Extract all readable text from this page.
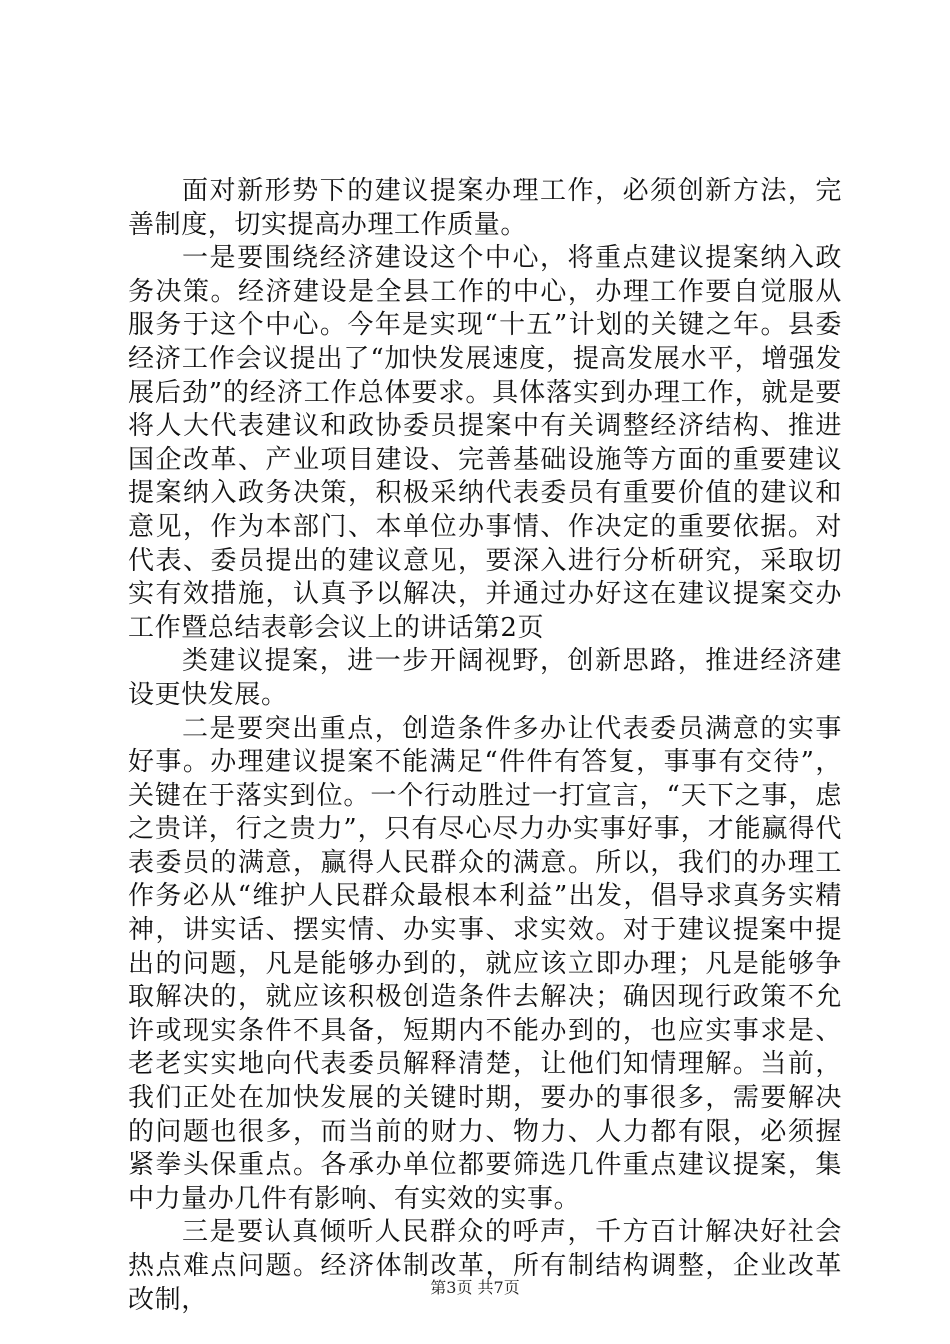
面对新形势下的建议提案办理工作，必须创新方法，完善制度，切实提高办理工作质量。

一是要围绕经济建设这个中心，将重点建议提案纳入政务决策。经济建设是全县工作的中心，办理工作要自觉服从服务于这个中心。今年是实现“十五”计划的关键之年。县委经济工作会议提出了“加快发展速度，提高发展水平，增强发展后劲”的经济工作总体要求。具体落实到办理工作，就是要将人大代表建议和政协委员提案中有关调整经济结构、推进国企改革、产业项目建设、完善基础设施等方面的重要建议提案纳入政务决策，积极采纳代表委员有重要价值的建议和意见，作为本部门、本单位办事情、作决定的重要依据。对代表、委员提出的建议意见，要深入进行分析研究，采取切实有效措施，认真予以解决，并通过办好这在建议提案交办工作暨总结表彰会议上的讲话第2页

类建议提案，进一步开阔视野，创新思路，推进经济建设更快发展。

二是要突出重点，创造条件多办让代表委员满意的实事好事。办理建议提案不能满足“件件有答复，事事有交待”，关键在于落实到位。一个行动胜过一打宣言，“天下之事，虑之贵详，行之贵力”，只有尽心尽力办实事好事，才能赢得代表委员的满意，赢得人民群众的满意。所以，我们的办理工作务必从“维护人民群众最根本利益”出发，倡导求真务实精神，讲实话、摆实情、办实事、求实效。对于建议提案中提出的问题，凡是能够办到的，就应该立即办理；凡是能够争取解决的，就应该积极创造条件去解决；确因现行政策不允许或现实条件不具备，短期内不能办到的，也应实事求是、老老实实地向代表委员解释清楚，让他们知情理解。当前，我们正处在加快发展的关键时期，要办的事很多，需要解决的问题也很多，而当前的财力、物力、人力都有限，必须握紧拳头保重点。各承办单位都要筛选几件重点建议提案，集中力量办几件有影响、有实效的实事。

三是要认真倾听人民群众的呼声，千方百计解决好社会热点难点问题。经济体制改革，所有制结构调整，企业改革改制，	第3页 共7页
